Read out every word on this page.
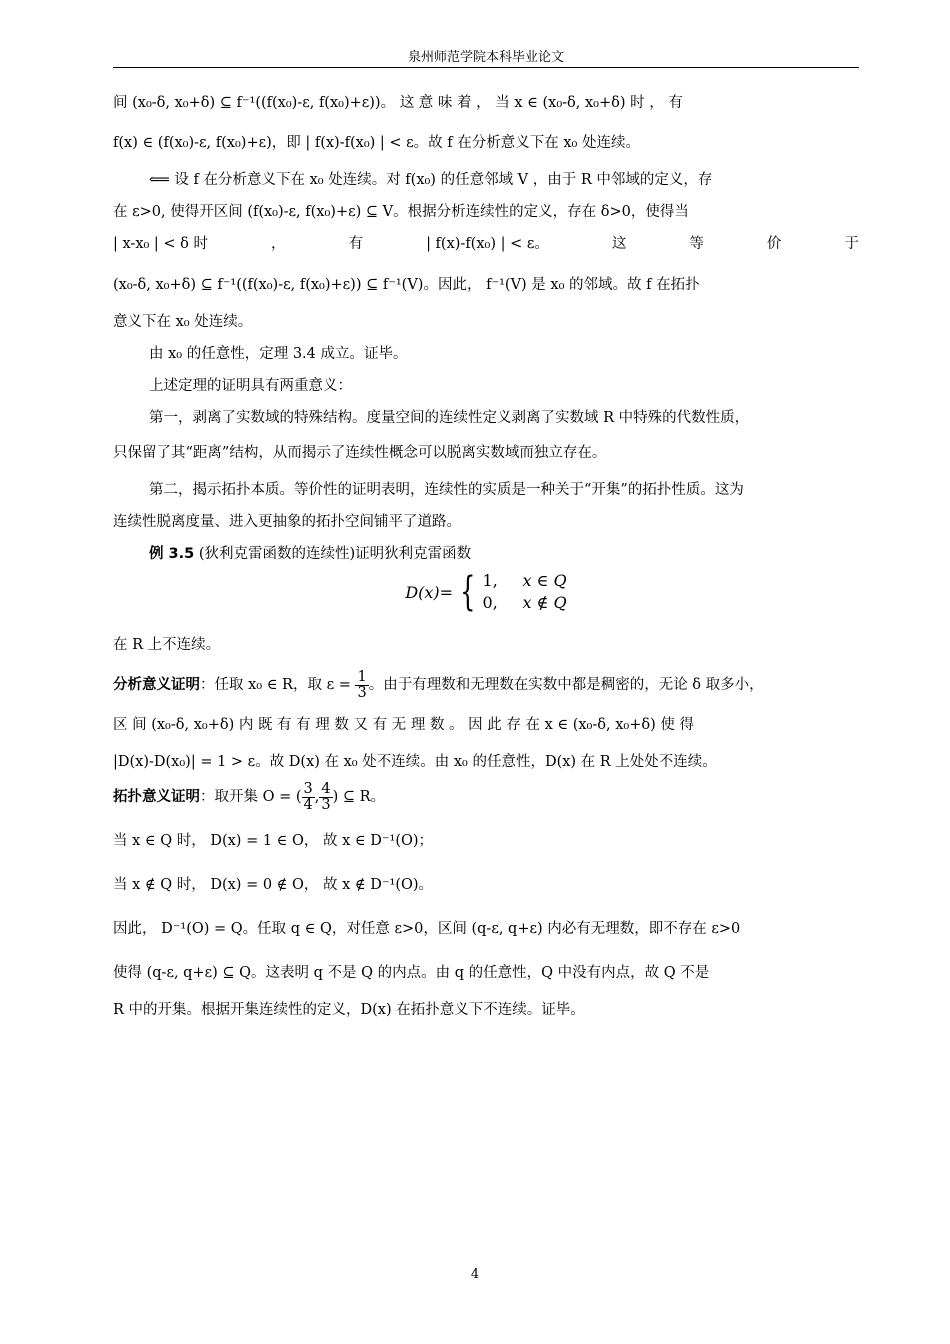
泉州师范学院本科毕业论文
间 (x₀-δ, x₀+δ) ⊆ f⁻¹((f(x₀)-ε, f(x₀)+ε))。 这 意 味 着 ， 当 x ∈ (x₀-δ, x₀+δ) 时 ， 有
f(x) ∈ (f(x₀)-ε, f(x₀)+ε)，即 | f(x)-f(x₀) | < ε。故 f 在分析意义下在 x₀ 处连续。
⟸ 设 f 在分析意义下在 x₀ 处连续。对 f(x₀) 的任意邻域 V ，由于 R 中邻域的定义，存
在 ε>0, 使得开区间 (f(x₀)-ε, f(x₀)+ε) ⊆ V。根据分析连续性的定义，存在 δ>0，使得当
| x-x₀ | < δ 时	，	有	| f(x)-f(x₀) | < ε。	这	等	价	于
(x₀-δ, x₀+δ) ⊆ f⁻¹((f(x₀)-ε, f(x₀)+ε)) ⊆ f⁻¹(V)。因此， f⁻¹(V) 是 x₀ 的邻域。故 f 在拓扑
意义下在 x₀ 处连续。
由 x₀ 的任意性，定理 3.4 成立。证毕。
上述定理的证明具有两重意义：
第一，剥离了实数域的特殊结构。度量空间的连续性定义剥离了实数域 R 中特殊的代数性质，
只保留了其“距离”结构，从而揭示了连续性概念可以脱离实数域而独立存在。
第二，揭示拓扑本质。等价性的证明表明，连续性的实质是一种关于“开集”的拓扑性质。这为
连续性脱离度量、进入更抽象的拓扑空间铺平了道路。
例 3.5 (狄利克雷函数的连续性)证明狄利克雷函数
D(x)= { 1, x ∈ Q
0, x ∉ Q
在 R 上不连续。
分析意义证明：任取 x₀ ∈ R，取 $\varepsilon = \frac{1}{3}$ 。由于有理数和无理数在实数中都是稠密的，无论 δ 取多小，
区 间 (x₀-δ, x₀+δ) 内 既 有 有 理 数 又 有 无 理 数 。 因 此 存 在 x ∈ (x₀-δ, x₀+δ) 使 得
|D(x)-D(x₀)| = 1 > ε。故 D(x) 在 x₀ 处不连续。由 x₀ 的任意性，D(x) 在 R 上处处不连续。
拓扑意义证明：取开集 O = ( $\frac{3}{4}$ , $\frac{4}{3}$ ) ⊆ R。
当 x ∈ Q 时， D(x) = 1 ∈ O， 故 x ∈ D⁻¹(O)；
当 x ∉ Q 时， D(x) = 0 ∉ O， 故 x ∉ D⁻¹(O)。
因此， D⁻¹(O) = Q。任取 q ∈ Q，对任意 ε>0，区间 (q-ε, q+ε) 内必有无理数，即不存在 ε>0
使得 (q-ε, q+ε) ⊆ Q。这表明 q 不是 Q 的内点。由 q 的任意性，Q 中没有内点，故 Q 不是
R 中的开集。根据开集连续性的定义，D(x) 在拓扑意义下不连续。证毕。
4
